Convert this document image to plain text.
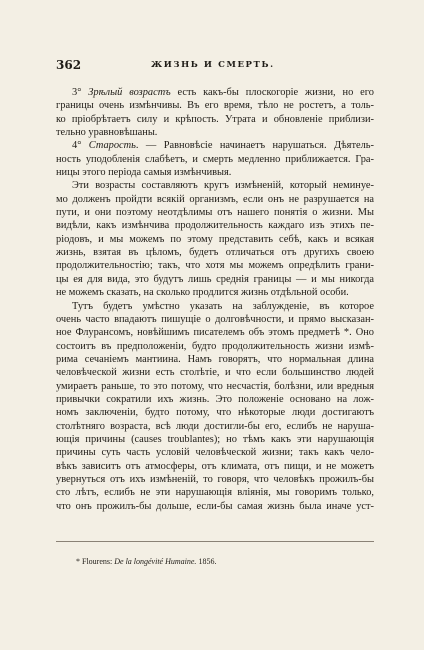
362	ЖИЗНЬ И СМЕРТЬ.
3° Зрѣлый возрастъ есть какъ-бы плоскогоріе жизни, но его
границы очень измѣнчивы. Въ его время, тѣло не ростетъ, а толь-
ко пріобрѣтаетъ силу и крѣпость. Утрата и обновленіе приблизи-
тельно уравновѣшаны.
4° Старость. — Равновѣсіе начинаетъ нарушаться. Дѣятель-
ность уподобленія слабѣетъ, и смерть медленно приближается. Гра-
ницы этого періода самыя измѣнчивыя.
Эти возрасты составляютъ кругъ измѣненій, который неминуе-
мо долженъ пройдти всякій организмъ, если онъ не разрушается на
пути, и они поэтому неотдѣлимы отъ нашего понятія о жизни. Мы
видѣли, какъ измѣнчива продолжительность каждаго изъ этихъ пе-
ріодовъ, и мы можемъ по этому представить себѣ, какъ и всякая
жизнь, взятая въ цѣломъ, будетъ отличаться отъ другихъ своею
продолжительностію; такъ, что хотя мы можемъ опредѣлить грани-
цы ея для вида, это будутъ лишь среднія границы — и мы никогда
не можемъ сказать, на сколько продлится жизнь отдѣльной особи.
Тутъ будетъ умѣстно указать на заблужденіе, въ которое
очень часто впадаютъ пишущіе о долговѣчности, и прямо высказан-
ное Флурансомъ, новѣйшимъ писателемъ объ этомъ предметѣ *. Оно
состоитъ въ предположеніи, будто продолжительность жизни измѣ-
рима сечаніемъ мантиина. Намъ говорятъ, что нормальная длина
человѣческой жизни есть столѣтіе, и что если большинство людей
умираетъ раньше, то это потому, что несчастія, болѣзни, или вредныя
привычки сократили ихъ жизнь. Это положеніе основано на лож-
номъ заключеніи, будто потому, что нѣкоторые люди достигаютъ
столѣтняго возраста, всѣ люди достигли-бы его, еслибъ не наруша-
ющія причины (causes troublantes); но тѣмъ какъ эти нарушающія
причины суть часть условій человѣческой жизни; такъ какъ чело-
вѣкъ зависитъ отъ атмосферы, отъ климата, отъ пищи, и не можетъ
увернуться отъ ихъ измѣненій, то говоря, что человѣкъ прожилъ-бы
сто лѣтъ, еслибъ не эти нарушающія вліянія, мы говоримъ только,
что онъ прожилъ-бы дольше, если-бы самая жизнь была иначе уст-
* Flourens: De la longévité Humaine. 1856.
